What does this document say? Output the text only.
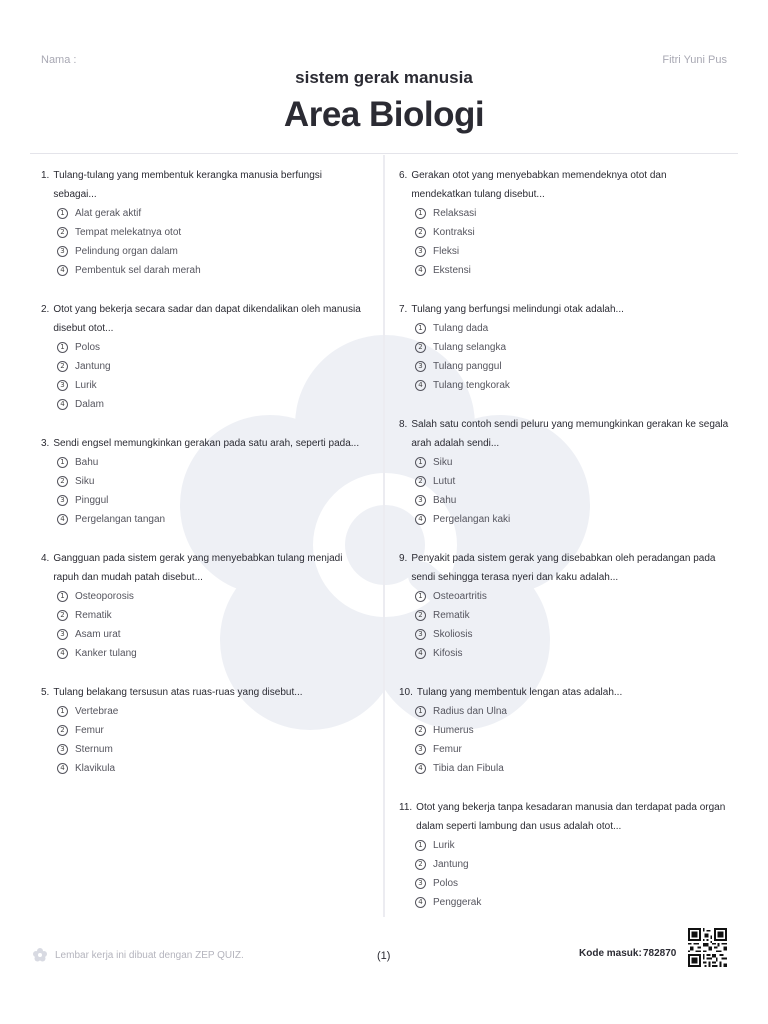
Nama :	Fitri Yuni Pus
sistem gerak manusia
Area Biologi
1. Tulang-tulang yang membentuk kerangka manusia berfungsi sebagai...
1	Alat gerak aktif
2	Tempat melekatnya otot
3	Pelindung organ dalam
4	Pembentuk sel darah merah
2. Otot yang bekerja secara sadar dan dapat dikendalikan oleh manusia disebut otot...
1	Polos
2	Jantung
3	Lurik
4	Dalam
3. Sendi engsel memungkinkan gerakan pada satu arah, seperti pada...
1	Bahu
2	Siku
3	Pinggul
4	Pergelangan tangan
4. Gangguan pada sistem gerak yang menyebabkan tulang menjadi rapuh dan mudah patah disebut...
1	Osteoporosis
2	Rematik
3	Asam urat
4	Kanker tulang
5. Tulang belakang tersusun atas ruas-ruas yang disebut...
1	Vertebrae
2	Femur
3	Sternum
4	Klavikula
6. Gerakan otot yang menyebabkan memendeknya otot dan mendekatkan tulang disebut...
1	Relaksasi
2	Kontraksi
3	Fleksi
4	Ekstensi
7. Tulang yang berfungsi melindungi otak adalah...
1	Tulang dada
2	Tulang selangka
3	Tulang panggul
4	Tulang tengkorak
8. Salah satu contoh sendi peluru yang memungkinkan gerakan ke segala arah adalah sendi...
1	Siku
2	Lutut
3	Bahu
4	Pergelangan kaki
9. Penyakit pada sistem gerak yang disebabkan oleh peradangan pada sendi sehingga terasa nyeri dan kaku adalah...
1	Osteoartritis
2	Rematik
3	Skoliosis
4	Kifosis
10. Tulang yang membentuk lengan atas adalah...
1	Radius dan Ulna
2	Humerus
3	Femur
4	Tibia dan Fibula
11. Otot yang bekerja tanpa kesadaran manusia dan terdapat pada organ dalam seperti lambung dan usus adalah otot...
1	Lurik
2	Jantung
3	Polos
4	Penggerak
Lembar kerja ini dibuat dengan ZEP QUIZ.	(1)	Kode masuk: 782870
